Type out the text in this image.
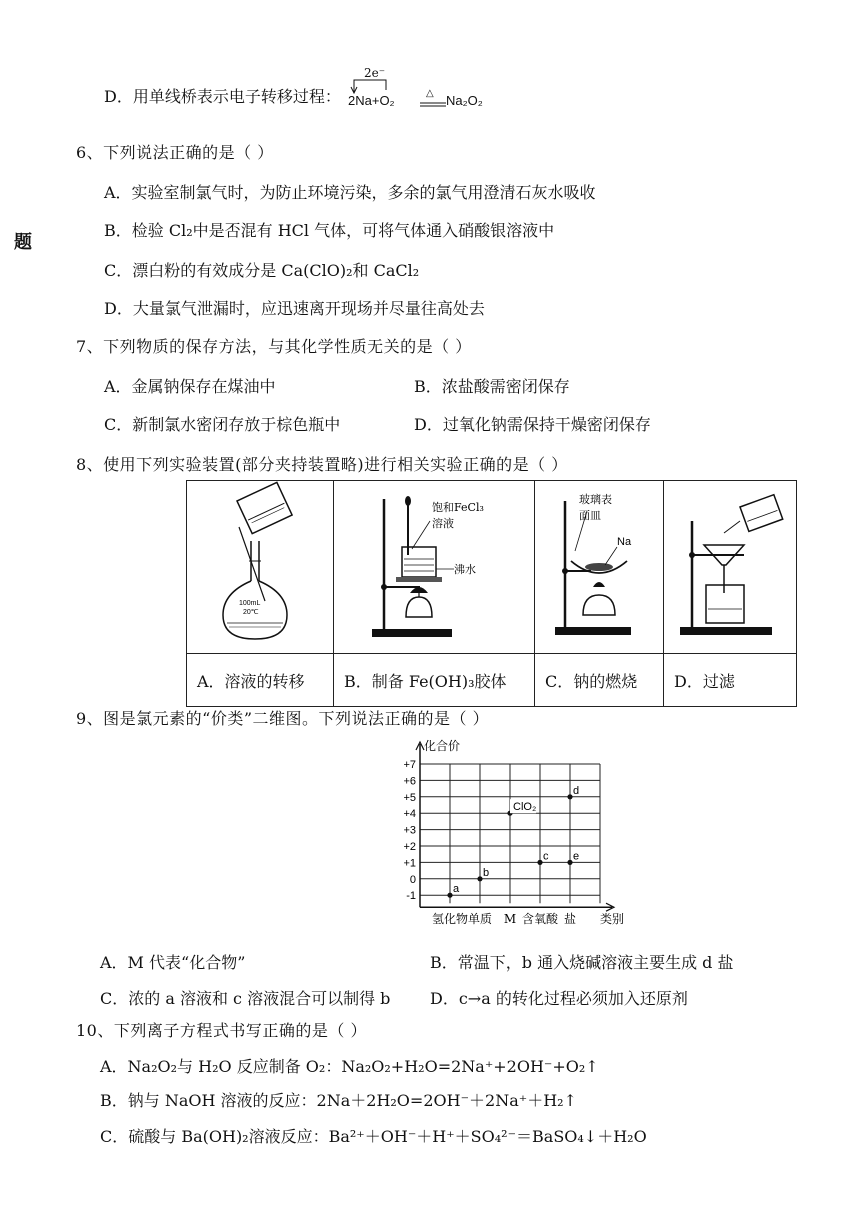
题
D．用单线桥表示电子转移过程：
2e⁻
2Na+O₂	△ Na₂O₂
6、下列说法正确的是（ ）
A．实验室制氯气时，为防止环境污染，多余的氯气用澄清石灰水吸收
B．检验 Cl₂中是否混有 HCl 气体，可将气体通入硝酸银溶液中
C．漂白粉的有效成分是 Ca(ClO)₂和 CaCl₂
D．大量氯气泄漏时，应迅速离开现场并尽量往高处去
7、下列物质的保存方法，与其化学性质无关的是（ ）
A．金属钠保存在煤油中	B．浓盐酸需密闭保存
C．新制氯水密闭存放于棕色瓶中	D．过氧化钠需保持干燥密闭保存
8、使用下列实验装置(部分夹持装置略)进行相关实验正确的是（ ）
100mL
20℃	饱和FeCl₃
溶液
沸水	玻璃表
面皿
Na

A．溶液的转移	B．制备 Fe(OH)₃胶体	C．钠的燃烧	D．过滤
9、图是氯元素的“价类”二维图。下列说法正确的是（ ）
化合价
+7
+6
+5
+4
+3
+2
+1
0
-1
氢化物 单质 M 含氧酸 盐 类别
a
b
ClO₂
c
d
e
A．M 代表“化合物”	B．常温下，b 通入烧碱溶液主要生成 d 盐
C．浓的 a 溶液和 c 溶液混合可以制得 b D．c→a 的转化过程必须加入还原剂
10、下列离子方程式书写正确的是（ ）
A．Na₂O₂与 H₂O 反应制备 O₂：Na₂O₂+H₂O=2Na⁺+2OH⁻+O₂↑
B．钠与 NaOH 溶液的反应：2Na＋2H₂O=2OH⁻＋2Na⁺＋H₂↑
C．硫酸与 Ba(OH)₂溶液反应：Ba²⁺＋OH⁻＋H⁺＋SO₄²⁻＝BaSO₄↓＋H₂O
